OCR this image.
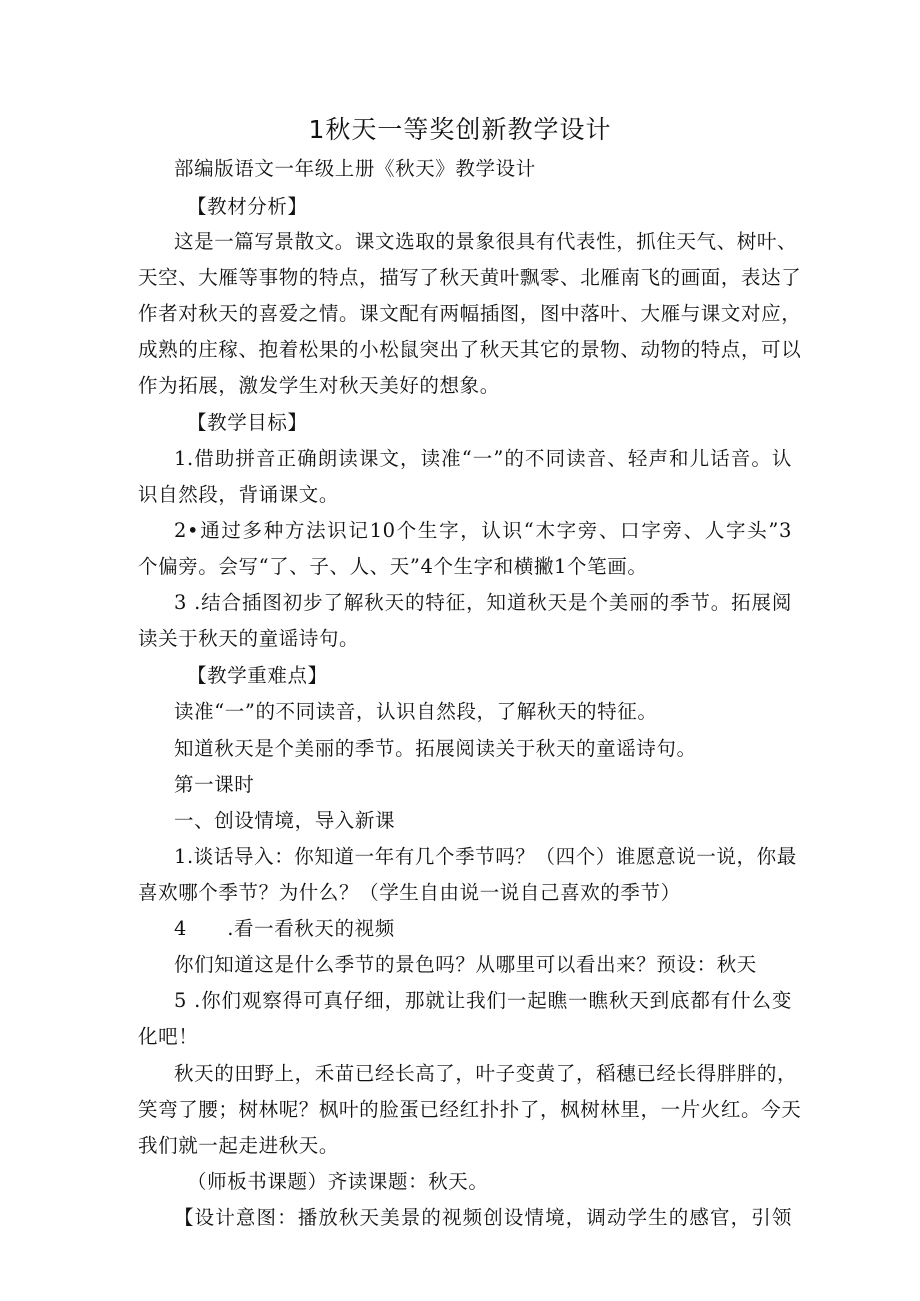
1秋天一等奖创新教学设计
部编版语文一年级上册《秋天》教学设计
【教材分析】
这是一篇写景散文。课文选取的景象很具有代表性，抓住天气、树叶、
天空、大雁等事物的特点，描写了秋天黄叶飘零、北雁南飞的画面，表达了
作者对秋天的喜爱之情。课文配有两幅插图，图中落叶、大雁与课文对应，
成熟的庄稼、抱着松果的小松鼠突出了秋天其它的景物、动物的特点，可以
作为拓展，激发学生对秋天美好的想象。
【教学目标】
1.借助拼音正确朗读课文，读准“一”的不同读音、轻声和儿话音。认
识自然段，背诵课文。
2•通过多种方法识记10个生字，认识“木字旁、口字旁、人字头”3
个偏旁。会写“了、子、人、天”4个生字和横撇1个笔画。
3 .结合插图初步了解秋天的特征，知道秋天是个美丽的季节。拓展阅
读关于秋天的童谣诗句。
【教学重难点】
读准“一”的不同读音，认识自然段，了解秋天的特征。
知道秋天是个美丽的季节。拓展阅读关于秋天的童谣诗句。
第一课时
一、创设情境，导入新课
1.谈话导入：你知道一年有几个季节吗？（四个）谁愿意说一说，你最
喜欢哪个季节？为什么？（学生自由说一说自己喜欢的季节）
4　　.看一看秋天的视频
你们知道这是什么季节的景色吗？从哪里可以看出来？预设：秋天
5 .你们观察得可真仔细，那就让我们一起瞧一瞧秋天到底都有什么变
化吧！
秋天的田野上，禾苗已经长高了，叶子变黄了，稻穗已经长得胖胖的，
笑弯了腰；树林呢？枫叶的脸蛋已经红扑扑了，枫树林里，一片火红。今天
我们就一起走进秋天。
（师板书课题）齐读课题：秋天。
【设计意图：播放秋天美景的视频创设情境，调动学生的感官，引领
